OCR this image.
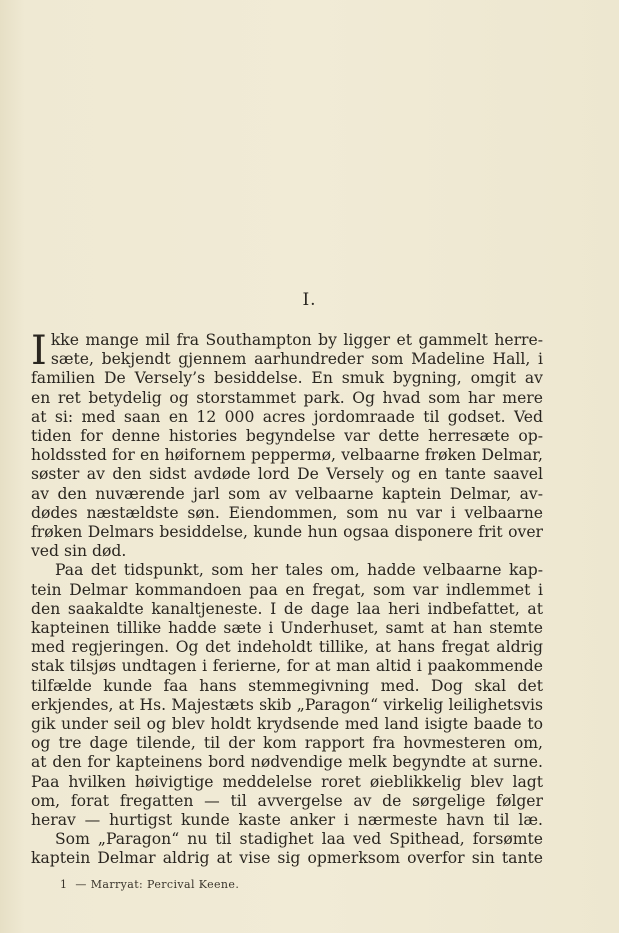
I.

I kke mange mil fra Southampton by ligger et gammelt herre-
sæte, bekjendt gjennem aarhundreder som Madeline Hall, i
familien De Versely’s besiddelse. En smuk bygning, omgit av
en ret betydelig og storstammet park. Og hvad som har mere
at si: med saan en 12 000 acres jordomraade til godset. Ved
tiden for denne histories begyndelse var dette herresæte op-
holdssted for en høifornem peppermø, velbaarne frøken Delmar,
søster av den sidst avdøde lord De Versely og en tante saavel
av den nuværende jarl som av velbaarne kaptein Delmar, av-
dødes næstældste søn. Eiendommen, som nu var i velbaarne
frøken Delmars besiddelse, kunde hun ogsaa disponere frit over
ved sin død.

Paa det tidspunkt, som her tales om, hadde velbaarne kap-
tein Delmar kommandoen paa en fregat, som var indlemmet i
den saakaldte kanaltjeneste. I de dage laa heri indbefattet, at
kapteinen tillike hadde sæte i Underhuset, samt at han stemte
med regjeringen. Og det indeholdt tillike, at hans fregat aldrig
stak tilsjøs undtagen i ferierne, for at man altid i paakommende
tilfælde kunde faa hans stemmegivning med. Dog skal det
erkjendes, at Hs. Majestæts skib „Paragon“ virkelig leilighetsvis
gik under seil og blev holdt krydsende med land isigte baade to
og tre dage tilende, til der kom rapport fra hovmesteren om,
at den for kapteinens bord nødvendige melk begyndte at surne.
Paa hvilken høivigtige meddelelse roret øieblikkelig blev lagt
om, forat fregatten — til avvergelse av de sørgelige følger
herav — hurtigst kunde kaste anker i nærmeste havn til læ.

Som „Paragon“ nu til stadighet laa ved Spithead, forsømte
kaptein Delmar aldrig at vise sig opmerksom overfor sin tante

1 — Marryat: Percival Keene.
